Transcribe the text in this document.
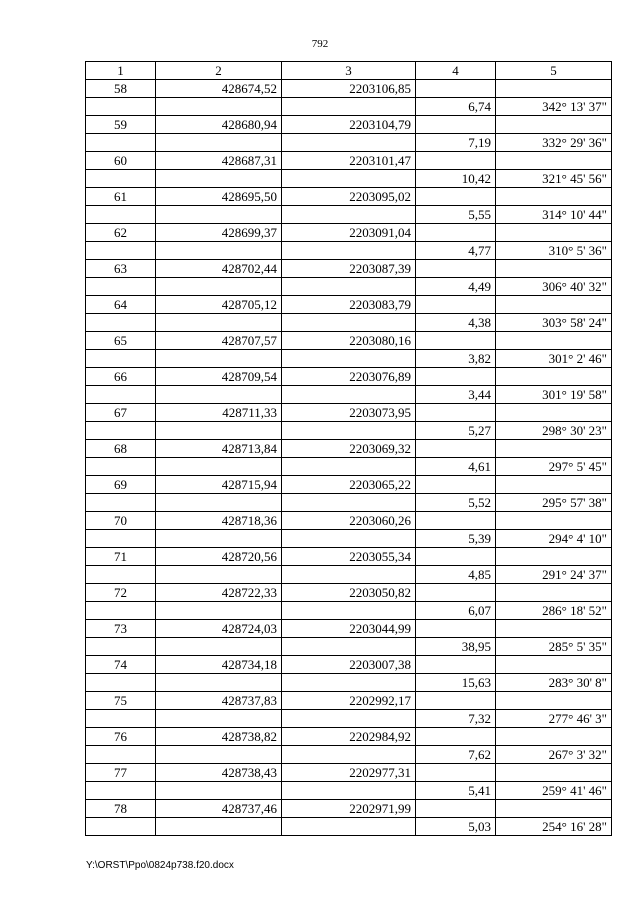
792
1	2	3	4	5
58	428674,52	2203106,85		
			6,74	342° 13' 37"
59	428680,94	2203104,79		
			7,19	332° 29' 36"
60	428687,31	2203101,47		
			10,42	321° 45' 56"
61	428695,50	2203095,02		
			5,55	314° 10' 44"
62	428699,37	2203091,04		
			4,77	310° 5' 36"
63	428702,44	2203087,39		
			4,49	306° 40' 32"
64	428705,12	2203083,79		
			4,38	303° 58' 24"
65	428707,57	2203080,16		
			3,82	301° 2' 46"
66	428709,54	2203076,89		
			3,44	301° 19' 58"
67	428711,33	2203073,95		
			5,27	298° 30' 23"
68	428713,84	2203069,32		
			4,61	297° 5' 45"
69	428715,94	2203065,22		
			5,52	295° 57' 38"
70	428718,36	2203060,26		
			5,39	294° 4' 10"
71	428720,56	2203055,34		
			4,85	291° 24' 37"
72	428722,33	2203050,82		
			6,07	286° 18' 52"
73	428724,03	2203044,99		
			38,95	285° 5' 35"
74	428734,18	2203007,38		
			15,63	283° 30' 8"
75	428737,83	2202992,17		
			7,32	277° 46' 3"
76	428738,82	2202984,92		
			7,62	267° 3' 32"
77	428738,43	2202977,31		
			5,41	259° 41' 46"
78	428737,46	2202971,99		
			5,03	254° 16' 28"
Y:\ORST\Ppo\0824p738.f20.docx
